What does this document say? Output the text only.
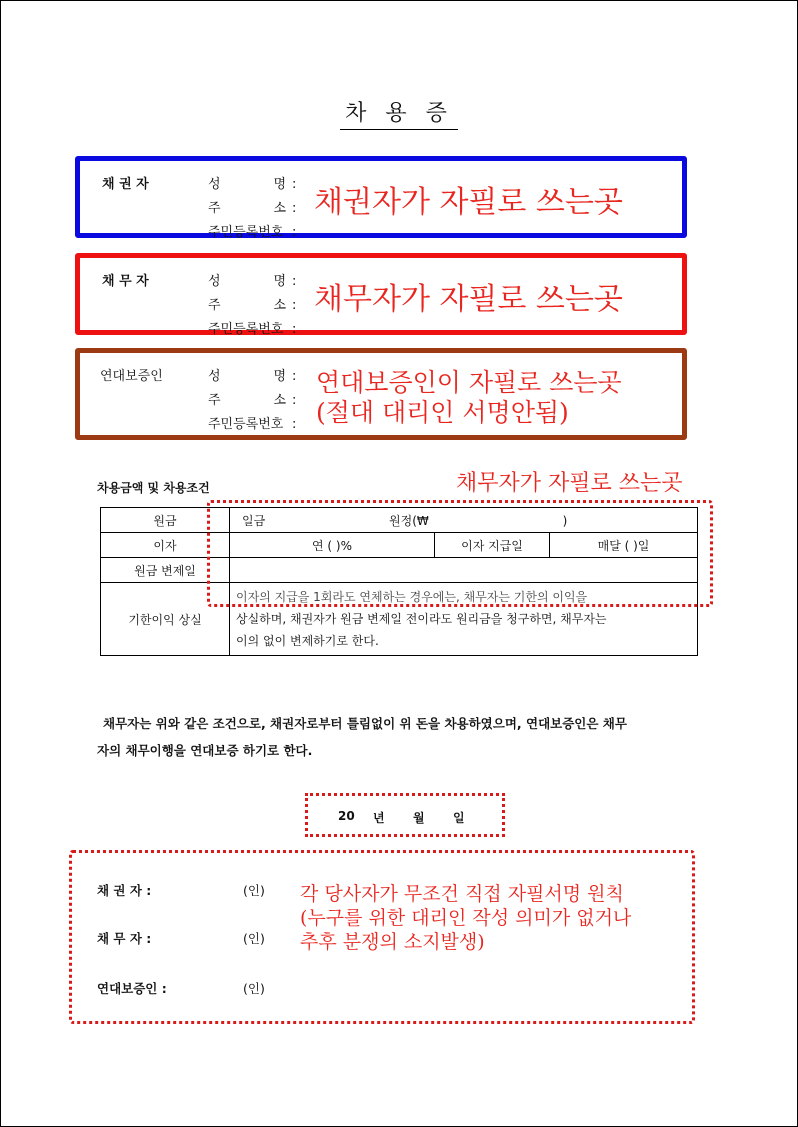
차 용 증
채 권 자	성 명 :
주 소 :
주민등록번호 :
채권자가 자필로 쓰는곳
채 무 자	성 명 :
주 소 :
주민등록번호 :
채무자가 자필로 쓰는곳
연대보증인	성 명 :
주 소 :
주민등록번호 :
연대보증인이 자필로 쓰는곳
(절대 대리인 서명안됨)
차용금액 및 차용조건	채무자가 자필로 쓰는곳
원금	일금 원정(₩ )		
이자	연 ( )%	이자 지급일	매달 ( )일
원금 변제일			
기한이익 상실	이자의 지급을 1회라도 연체하는 경우에는, 채무자는 기한의 이익을
상실하며, 채권자가 원금 변제일 전이라도 원리금을 청구하면, 채무자는
이의 없이 변제하기로 한다.		
채무자는 위와 같은 조건으로, 채권자로부터 틀림없이 위 돈을 차용하였으며, 연대보증인은 채무
자의 채무이행을 연대보증 하기로 한다.
20 년 월 일
채 권 자 :	(인)
채 무 자 :	(인)
연대보증인 :	(인)
각 당사자가 무조건 직접 자필서명 원칙
(누구를 위한 대리인 작성 의미가 없거나
추후 분쟁의 소지발생)
